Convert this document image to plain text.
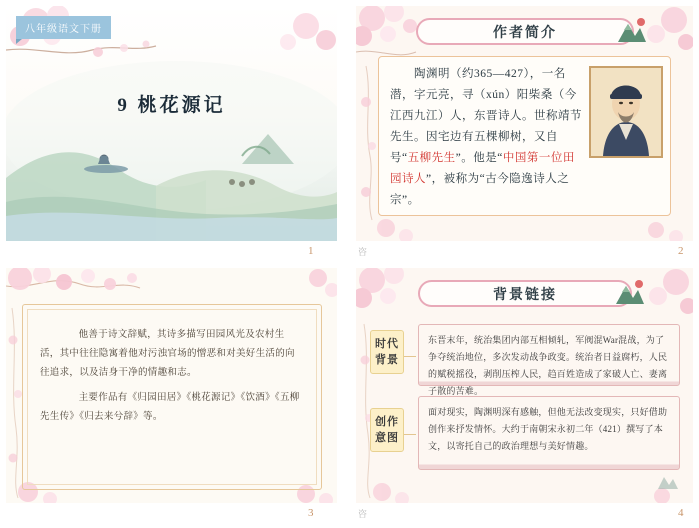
八年级语文下册
9 桃花源记
1
作者简介
　　陶渊明（约365—427），一名潜，字元亮，寻（xún）阳柴桑（今江西九江）人，东晋诗人。世称靖节先生。因宅边有五棵柳树，又自号“五柳先生”。他是“中国第一位田园诗人”，被称为“古今隐逸诗人之宗”。
咨	2

　　他善于诗文辞赋，其诗多描写田园风光及农村生活，其中往往隐寓着他对污浊官场的憎恶和对美好生活的向往追求，以及洁身干净的情趣和志。

　　主要作品有《归园田居》《桃花源记》《饮酒》《五柳先生传》《归去来兮辞》等。

咨
3
背景链接
时代背景
东晋末年，统治集团内部互相倾轧，军阀混War混战，为了争夺统治地位，多次发动战争政变。统治者日益腐朽，人民的赋税摇役，剥削压榨人民，趋百姓造成了家破人亡、妻离子散的苦难。
创作意图
面对现实，陶渊明深有感触，但他无法改变现实，只好借助创作来抒发情怀。大约于南朝宋永初二年（421）撰写了本文，以寄托自己的政治理想与美好情趣。
4
